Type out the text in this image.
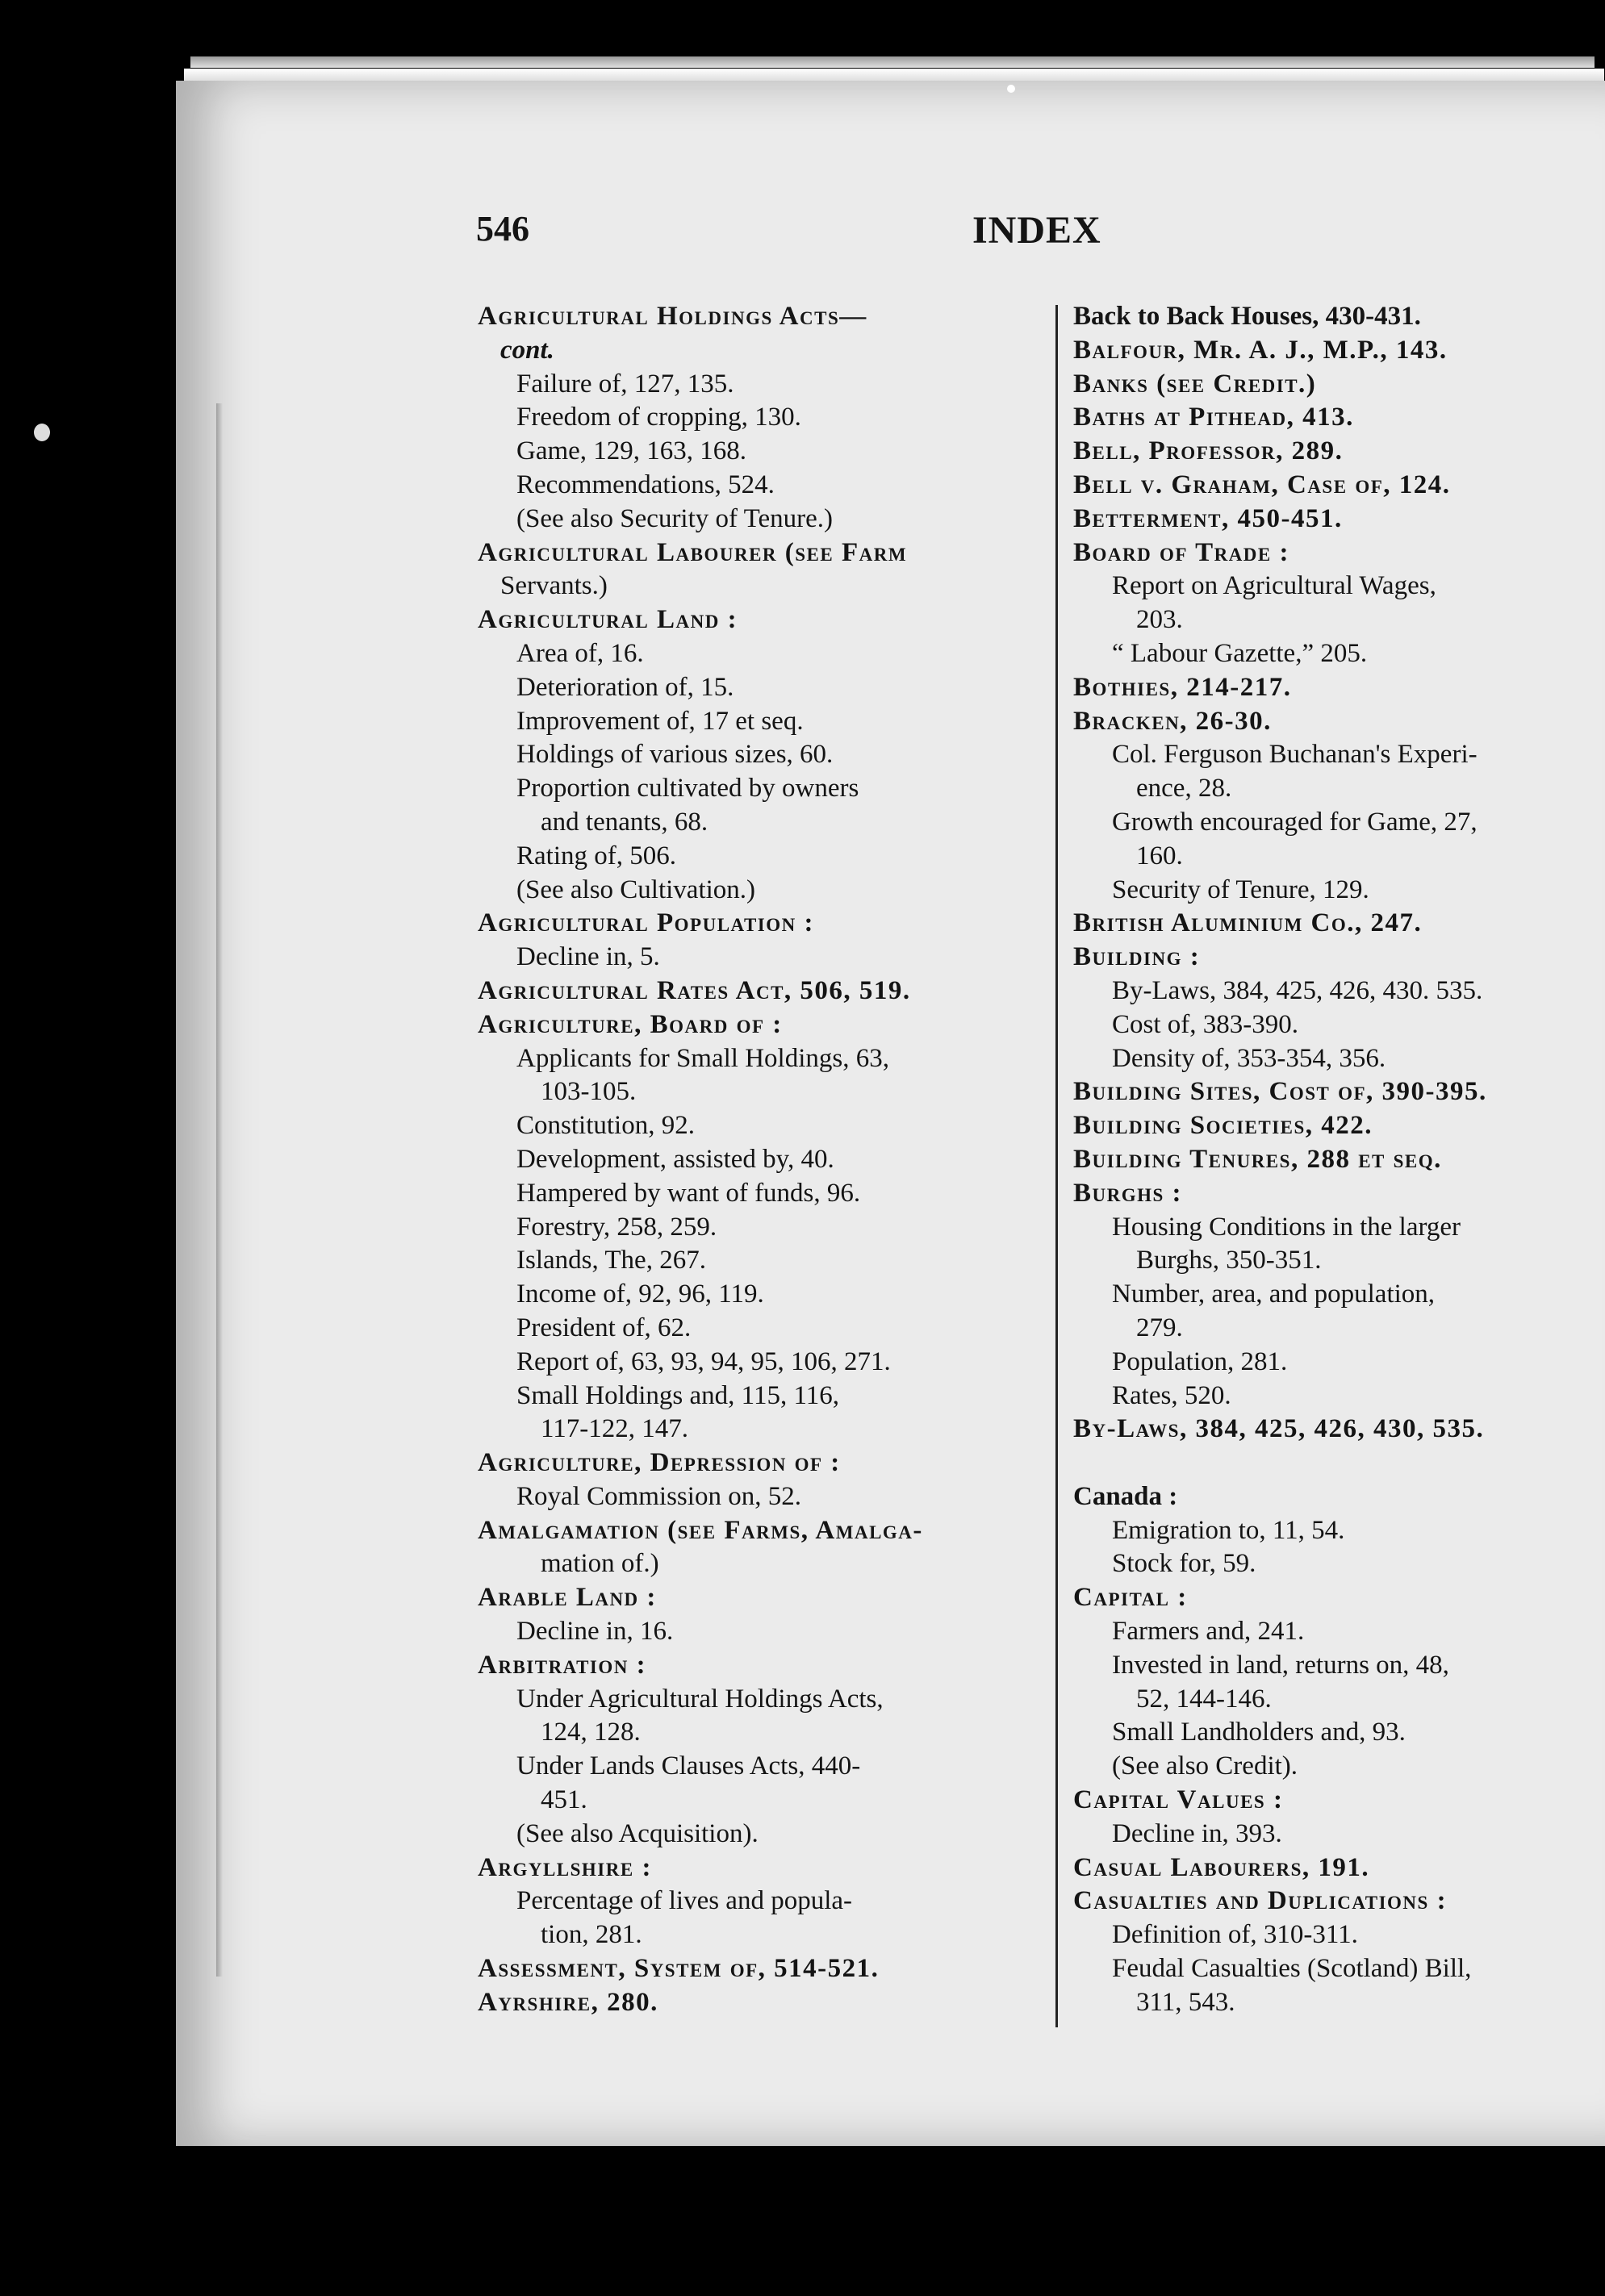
546	INDEX
Agricultural Holdings Acts—
cont.
Failure of, 127, 135.
Freedom of cropping, 130.
Game, 129, 163, 168.
Recommendations, 524.
(See also Security of Tenure.)
Agricultural Labourer (see Farm
Servants.)
Agricultural Land :
Area of, 16.
Deterioration of, 15.
Improvement of, 17 et seq.
Holdings of various sizes, 60.
Proportion cultivated by owners
and tenants, 68.
Rating of, 506.
(See also Cultivation.)
Agricultural Population :
Decline in, 5.
Agricultural Rates Act, 506, 519.
Agriculture, Board of :
Applicants for Small Holdings, 63,
103-105.
Constitution, 92.
Development, assisted by, 40.
Hampered by want of funds, 96.
Forestry, 258, 259.
Islands, The, 267.
Income of, 92, 96, 119.
President of, 62.
Report of, 63, 93, 94, 95, 106, 271.
Small Holdings and, 115, 116,
117-122, 147.
Agriculture, Depression of :
Royal Commission on, 52.
Amalgamation (see Farms, Amalga-
mation of.)
Arable Land :
Decline in, 16.
Arbitration :
Under Agricultural Holdings Acts,
124, 128.
Under Lands Clauses Acts, 440-
451.
(See also Acquisition).
Argyllshire :
Percentage of lives and popula-
tion, 281.
Assessment, System of, 514-521.
Ayrshire, 280.
Back to Back Houses, 430-431.
Balfour, Mr. A. J., M.P., 143.
Banks (see Credit.)
Baths at Pithead, 413.
Bell, Professor, 289.
Bell v. Graham, Case of, 124.
Betterment, 450-451.
Board of Trade :
Report on Agricultural Wages,
203.
“ Labour Gazette,” 205.
Bothies, 214-217.
Bracken, 26-30.
Col. Ferguson Buchanan's Experi-
ence, 28.
Growth encouraged for Game, 27,
160.
Security of Tenure, 129.
British Aluminium Co., 247.
Building :
By-Laws, 384, 425, 426, 430. 535.
Cost of, 383-390.
Density of, 353-354, 356.
Building Sites, Cost of, 390-395.
Building Societies, 422.
Building Tenures, 288 et seq.
Burghs :
Housing Conditions in the larger
Burghs, 350-351.
Number, area, and population,
279.
Population, 281.
Rates, 520.
By-Laws, 384, 425, 426, 430, 535.
Canada :
Emigration to, 11, 54.
Stock for, 59.
Capital :
Farmers and, 241.
Invested in land, returns on, 48,
52, 144-146.
Small Landholders and, 93.
(See also Credit).
Capital Values :
Decline in, 393.
Casual Labourers, 191.
Casualties and Duplications :
Definition of, 310-311.
Feudal Casualties (Scotland) Bill,
311, 543.
